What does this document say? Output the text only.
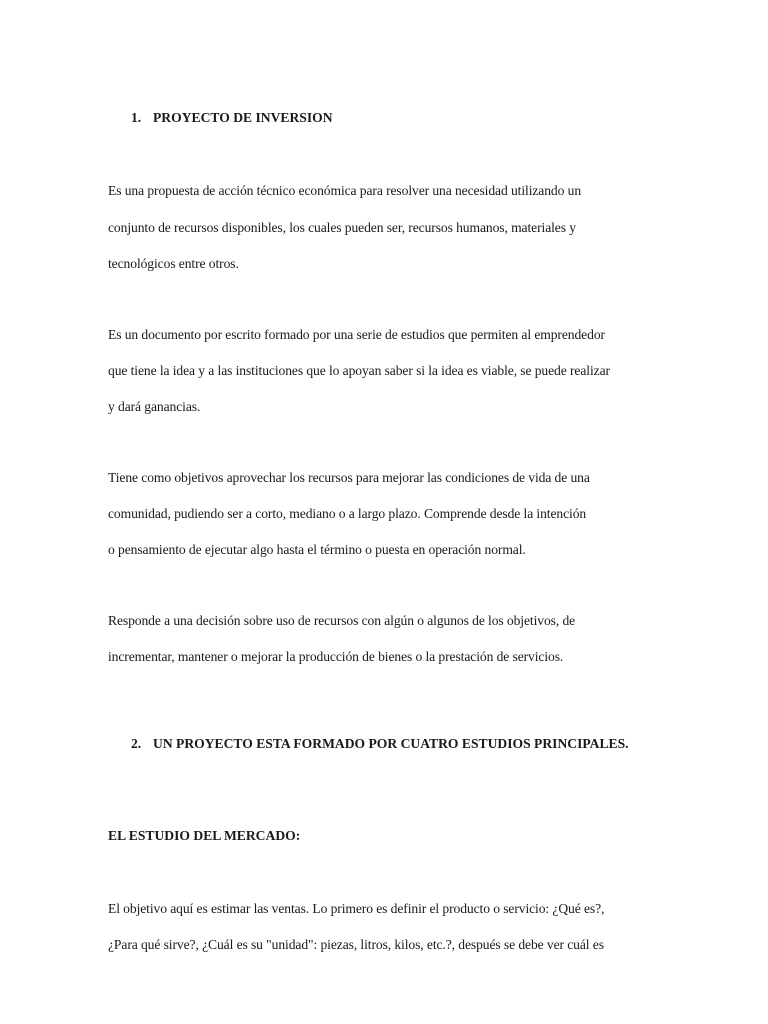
1. PROYECTO DE INVERSION
Es una propuesta de acción técnico económica para resolver una necesidad utilizando un
conjunto de recursos disponibles, los cuales pueden ser, recursos humanos, materiales y
tecnológicos entre otros.
Es un documento por escrito formado por una serie de estudios que permiten al emprendedor
que tiene la idea y a las instituciones que lo apoyan saber si la idea es viable, se puede realizar
y dará ganancias.
Tiene como objetivos aprovechar los recursos para mejorar las condiciones de vida de una
comunidad, pudiendo ser a corto, mediano o a largo plazo. Comprende desde la intención
o pensamiento de ejecutar algo hasta el término o puesta en operación normal.
Responde a una decisión sobre uso de recursos con algún o algunos de los objetivos, de
incrementar, mantener o mejorar la producción de bienes o la prestación de servicios.
2. UN PROYECTO ESTA FORMADO POR CUATRO ESTUDIOS PRINCIPALES.
EL ESTUDIO DEL MERCADO:
El objetivo aquí es estimar las ventas. Lo primero es definir el producto o servicio: ¿Qué es?,
¿Para qué sirve?, ¿Cuál es su "unidad": piezas, litros, kilos, etc.?, después se debe ver cuál es
